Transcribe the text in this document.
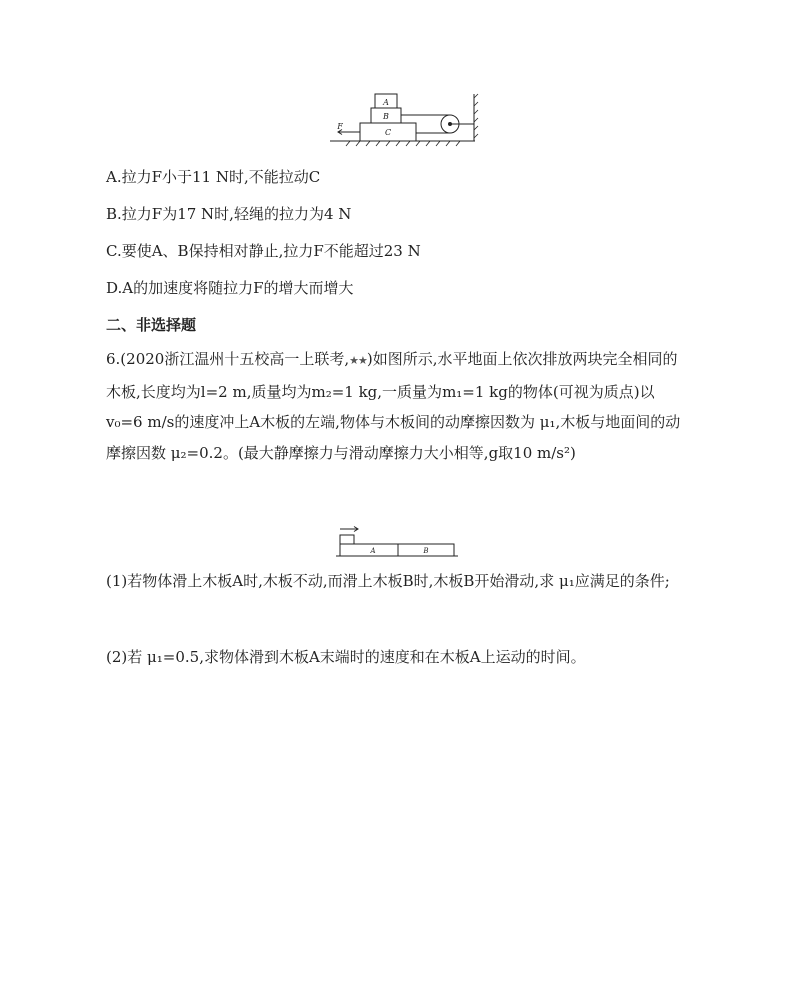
A
B
C
F
A.拉力F小于11 N时,不能拉动C
B.拉力F为17 N时,轻绳的拉力为4 N
C.要使A、B保持相对静止,拉力F不能超过23 N
D.A的加速度将随拉力F的增大而增大
二、非选择题
6.(2020浙江温州十五校高一上联考,★★)如图所示,水平地面上依次排放两块完全相同的木板,长度均为l=2 m,质量均为m₂=1 kg,一质量为m₁=1 kg的物体(可视为质点)以v₀=6 m/s的速度冲上A木板的左端,物体与木板间的动摩擦因数为 μ₁,木板与地面间的动摩擦因数 μ₂=0.2。(最大静摩擦力与滑动摩擦力大小相等,g取10 m/s²)
A	B
(1)若物体滑上木板A时,木板不动,而滑上木板B时,木板B开始滑动,求 μ₁应满足的条件;
(2)若 μ₁=0.5,求物体滑到木板A末端时的速度和在木板A上运动的时间。
